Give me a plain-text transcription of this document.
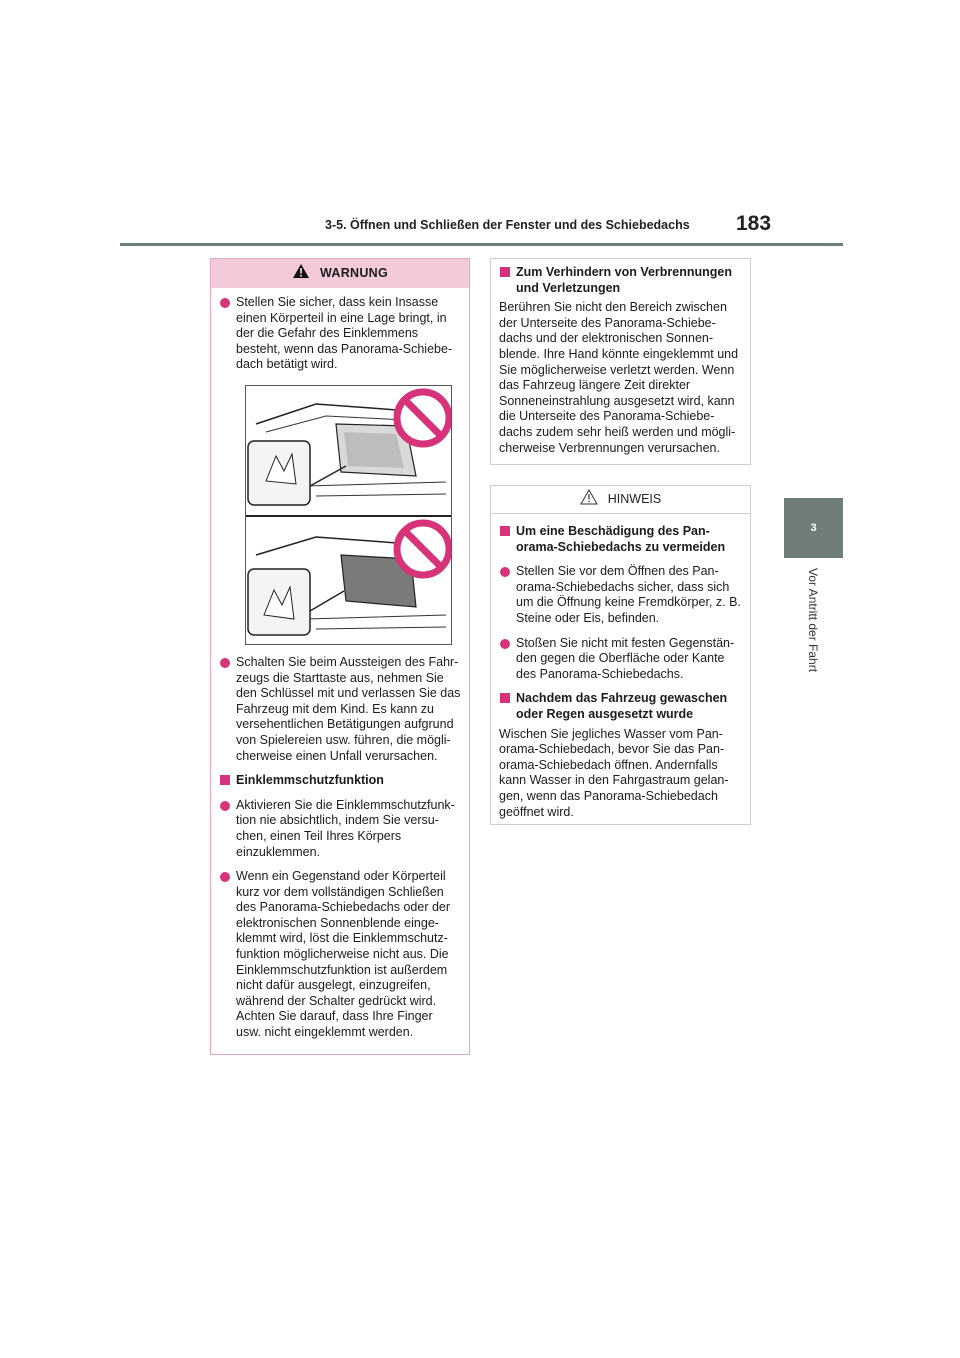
3-5. Öffnen und Schließen der Fenster und des Schiebedachs 183
3
Vor Antritt der Fahrt
WARNUNG
Stellen Sie sicher, dass kein Insasse einen Körperteil in eine Lage bringt, in der die Gefahr des Einklemmens besteht, wenn das Panorama-Schiebe-dach betätigt wird.
Schalten Sie beim Aussteigen des Fahr-zeugs die Starttaste aus, nehmen Sie den Schlüssel mit und verlassen Sie das Fahrzeug mit dem Kind. Es kann zu versehentlichen Betätigungen aufgrund von Spielereien usw. führen, die mögli-cherweise einen Unfall verursachen.
Einklemmschutzfunktion
Aktivieren Sie die Einklemmschutzfunk-tion nie absichtlich, indem Sie versu-chen, einen Teil Ihres Körpers einzuklemmen.
Wenn ein Gegenstand oder Körperteil kurz vor dem vollständigen Schließen des Panorama-Schiebedachs oder der elektronischen Sonnenblende einge-klemmt wird, löst die Einklemmschutz-funktion möglicherweise nicht aus. Die Einklemmschutzfunktion ist außerdem nicht dafür ausgelegt, einzugreifen, während der Schalter gedrückt wird. Achten Sie darauf, dass Ihre Finger usw. nicht eingeklemmt werden.
Zum Verhindern von Verbrennungen und Verletzungen
Berühren Sie nicht den Bereich zwischen der Unterseite des Panorama-Schiebe-dachs und der elektronischen Sonnen-blende. Ihre Hand könnte eingeklemmt und Sie möglicherweise verletzt werden. Wenn das Fahrzeug längere Zeit direkter Sonneneinstrahlung ausgesetzt wird, kann die Unterseite des Panorama-Schiebe-dachs zudem sehr heiß werden und mögli-cherweise Verbrennungen verursachen.
HINWEIS
Um eine Beschädigung des Pan-orama-Schiebedachs zu vermeiden
Stellen Sie vor dem Öffnen des Pan-orama-Schiebedachs sicher, dass sich um die Öffnung keine Fremdkörper, z. B. Steine oder Eis, befinden.
Stoßen Sie nicht mit festen Gegenstän-den gegen die Oberfläche oder Kante des Panorama-Schiebedachs.
Nachdem das Fahrzeug gewaschen oder Regen ausgesetzt wurde
Wischen Sie jegliches Wasser vom Pan-orama-Schiebedach, bevor Sie das Pan-orama-Schiebedach öffnen. Andernfalls kann Wasser in den Fahrgastraum gelan-gen, wenn das Panorama-Schiebedach geöffnet wird.
